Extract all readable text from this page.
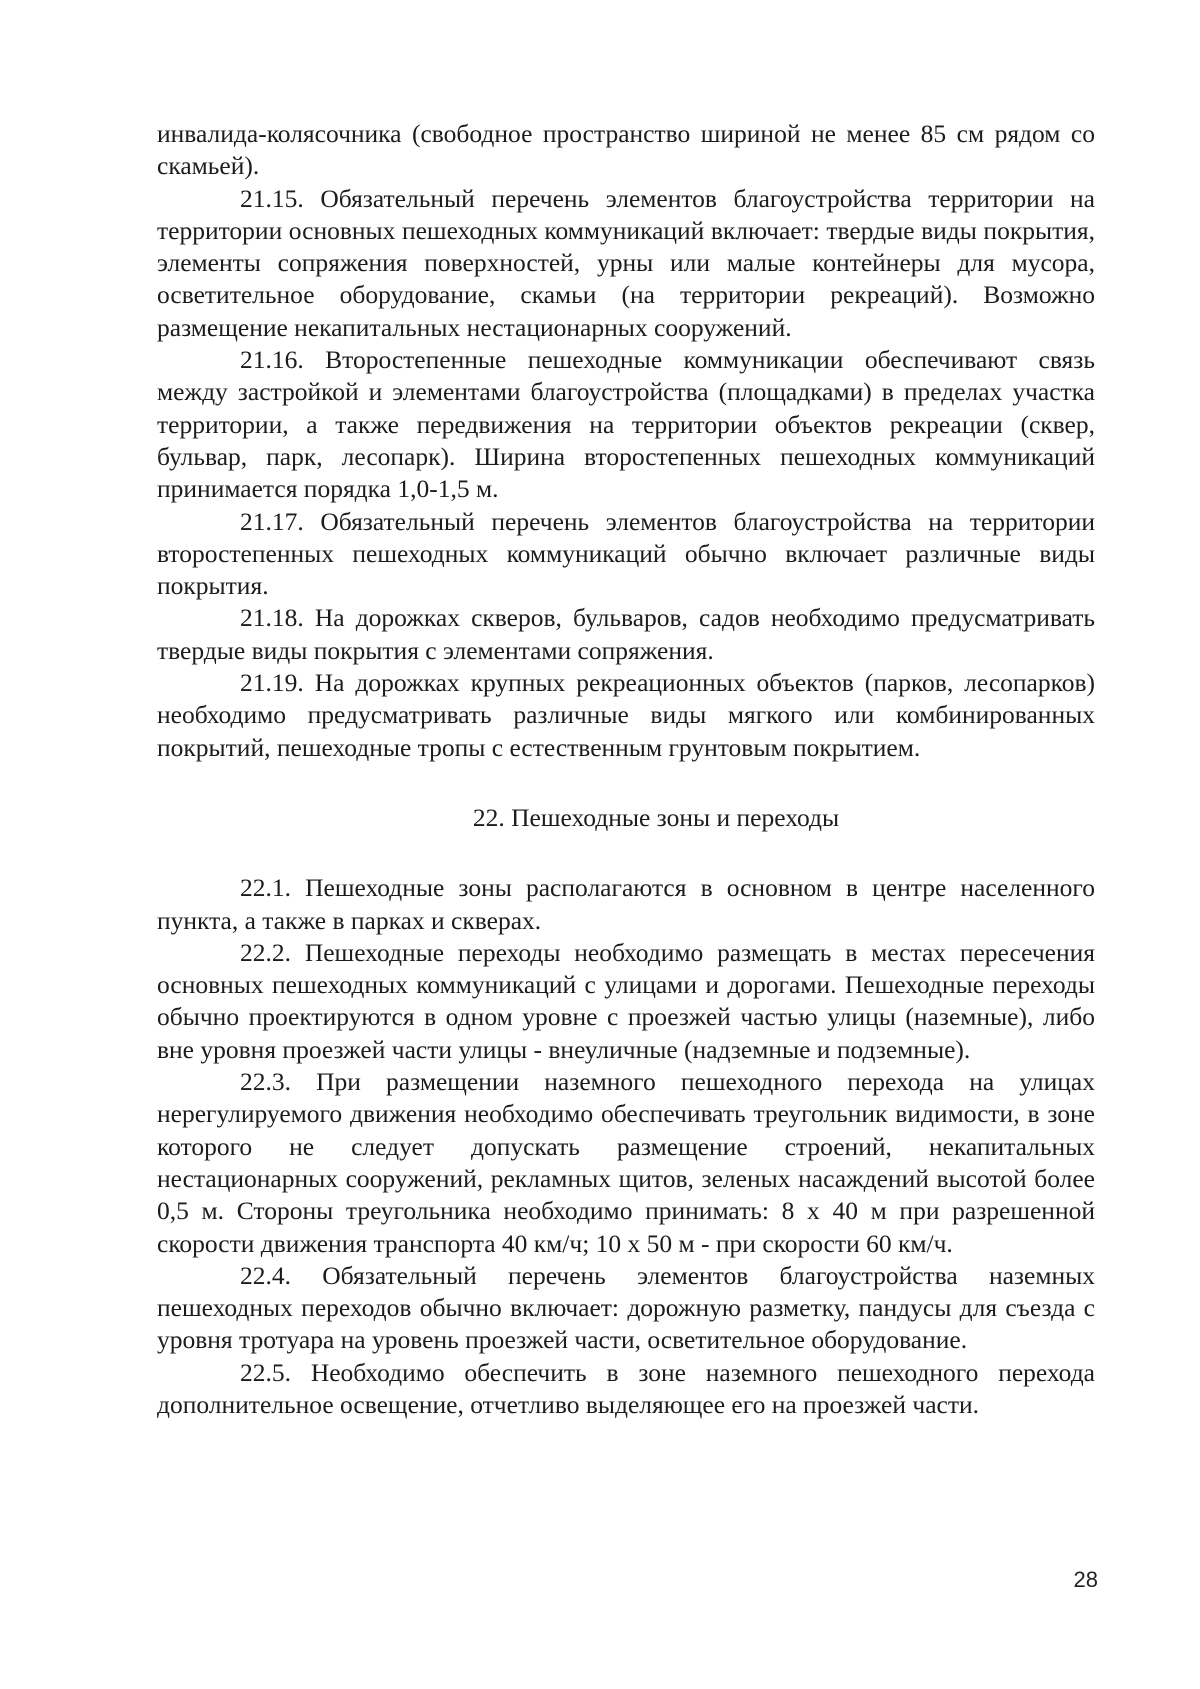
инвалида-колясочника (свободное пространство шириной не менее 85 см рядом со скамьей).

21.15. Обязательный перечень элементов благоустройства территории на территории основных пешеходных коммуникаций включает: твердые виды покрытия, элементы сопряжения поверхностей, урны или малые контейнеры для мусора, осветительное оборудование, скамьи (на территории рекреаций). Возможно размещение некапитальных нестационарных сооружений.

21.16. Второстепенные пешеходные коммуникации обеспечивают связь между застройкой и элементами благоустройства (площадками) в пределах участка территории, а также передвижения на территории объектов рекреации (сквер, бульвар, парк, лесопарк). Ширина второстепенных пешеходных коммуникаций принимается порядка 1,0-1,5 м.

21.17. Обязательный перечень элементов благоустройства на территории второстепенных пешеходных коммуникаций обычно включает различные виды покрытия.

21.18. На дорожках скверов, бульваров, садов необходимо предусматривать твердые виды покрытия с элементами сопряжения.

21.19. На дорожках крупных рекреационных объектов (парков, лесопарков) необходимо предусматривать различные виды мягкого или комбинированных покрытий, пешеходные тропы с естественным грунтовым покрытием.

22. Пешеходные зоны и переходы

22.1. Пешеходные зоны располагаются в основном в центре населенного пункта, а также в парках и скверах.

22.2. Пешеходные переходы необходимо размещать в местах пересечения основных пешеходных коммуникаций с улицами и дорогами. Пешеходные переходы обычно проектируются в одном уровне с проезжей частью улицы (наземные), либо вне уровня проезжей части улицы - внеуличные (надземные и подземные).

22.3. При размещении наземного пешеходного перехода на улицах нерегулируемого движения необходимо обеспечивать треугольник видимости, в зоне которого не следует допускать размещение строений, некапитальных нестационарных сооружений, рекламных щитов, зеленых насаждений высотой более 0,5 м. Стороны треугольника необходимо принимать: 8 х 40 м при разрешенной скорости движения транспорта 40 км/ч; 10 х 50 м - при скорости 60 км/ч.

22.4. Обязательный перечень элементов благоустройства наземных пешеходных переходов обычно включает: дорожную разметку, пандусы для съезда с уровня тротуара на уровень проезжей части, осветительное оборудование.

22.5. Необходимо обеспечить в зоне наземного пешеходного перехода дополнительное освещение, отчетливо выделяющее его на проезжей части.

28
